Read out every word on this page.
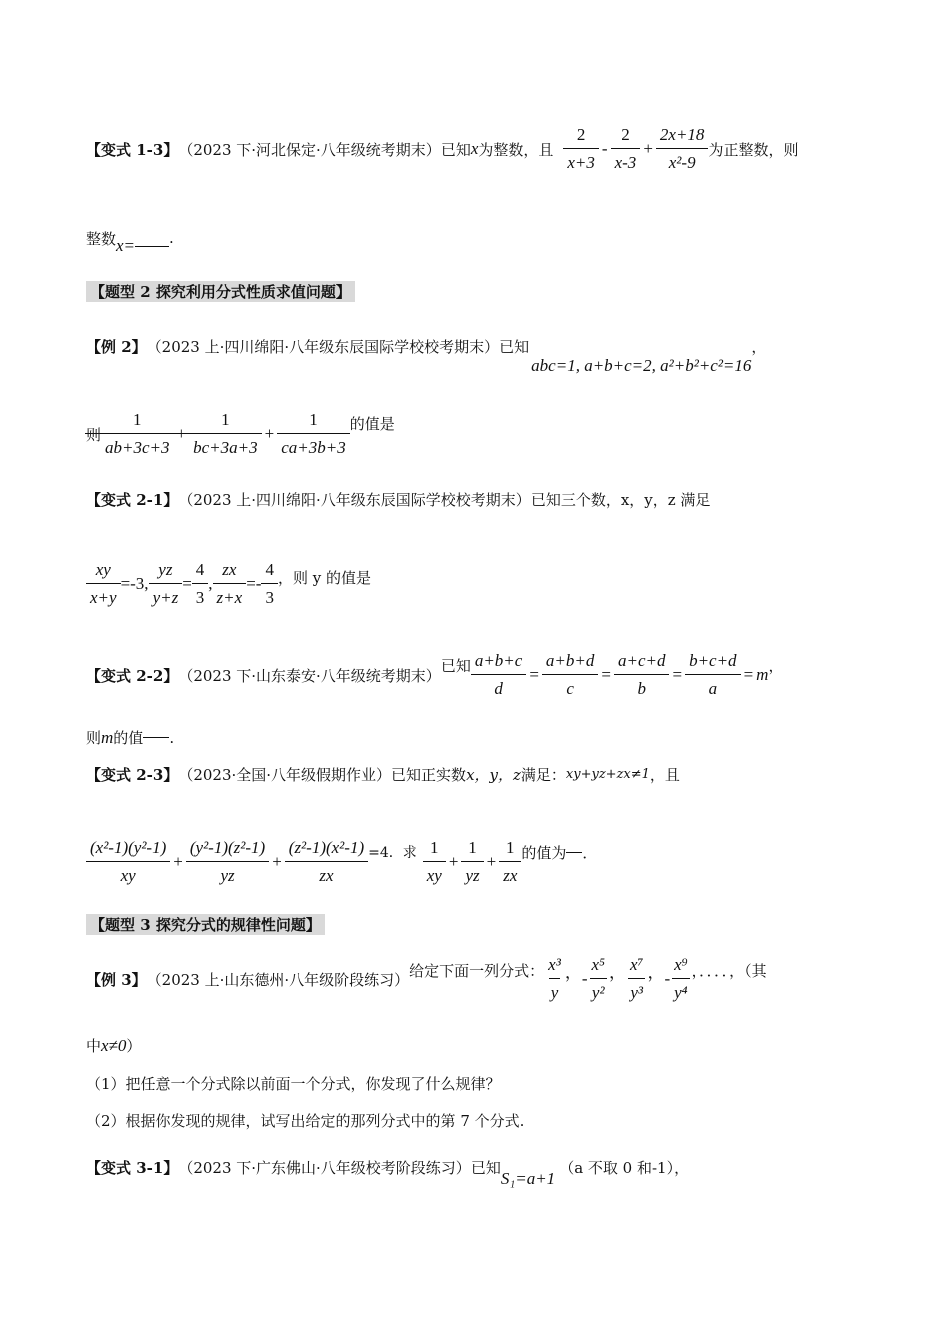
【变式 1-3】 （2023 下·河北保定·八年级统考期末） 已知 x 为整数，且 $\frac{2}{x+3} - \frac{2}{x-3} + \frac{2x+18}{\text{x²-9}}$ 为正整数，则
整数 x= .
【题型 2 探究利用分式性质求值问题】
【例 2】 （2023 上·四川绵阳·八年级东辰国际学校校考期末） 已知
abc=1, a+b+c=2, a²+b²+c²=16
，
则 $\frac{1}{ab+3c+3} + \frac{1}{bc+3a+3} + \frac{1}{ca+3b+3}$ 的值是
【变式 2-1】 （2023 上·四川绵阳·八年级东辰国际学校校考期末） 已知三个数，x，y，z 满足
$\frac{xy}{x+y} =-3$, $\frac{yz}{y+z} = \frac{4}{3}$ , $\frac{zx}{z+x} =- \frac{4}{3}$ ，则 y 的值是
【变式 2-2】 （2023 下·山东泰安·八年级统考期末）
已知 $\frac{a+b+c}{d} = \frac{a+b+d}{c} = \frac{a+c+d}{b} = \frac{b+c+d}{a} = m$ ，
则 m 的值 .
【变式 2-3】 （2023·全国·八年级假期作业） 已知正实数 x，y，z 满足： xy+yz+zx≠1 ，且
$\frac{\text{(x²-1)(y²-1)}}{xy} + \frac{\text{(y²-1)(z²-1)}}{yz} + \frac{\text{(z²-1)(x²-1)}}{zx} =4$．求 $\frac{1}{xy} + \frac{1}{yz} + \frac{1}{zx}$ 的值为 ．
【题型 3 探究分式的规律性问题】
【例 3】 （2023 上·山东德州·八年级阶段练习） 给定下面一列分式： $\frac{\text{x³}}{y}$ ， - $\frac{\text{x⁵}}{\text{y²}}$ ， $\frac{\text{x⁷}}{\text{y³}}$ ， - $\frac{\text{x⁹}}{\text{y⁴}}$ ，．．．．，（其
中 x≠0 ）
（1）把任意一个分式除以前面一个分式，你发现了什么规律？
（2）根据你发现的规律，试写出给定的那列分式中的第 7 个分式.
【变式 3-1】 （2023 下·广东佛山·八年级校考阶段练习） 已知
S₁=a+1
（a 不取 0 和-1），
